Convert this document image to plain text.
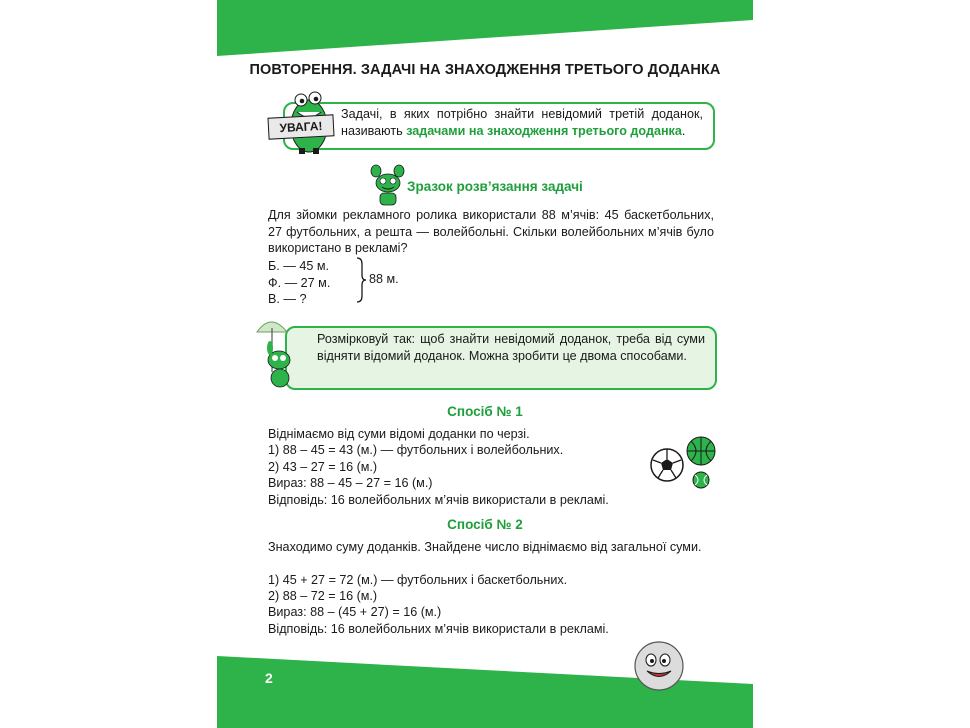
ПОВТОРЕННЯ. ЗАДАЧІ НА ЗНАХОДЖЕННЯ ТРЕТЬОГО ДОДАНКА
УВАГА!
Задачі, в яких потрібно знайти невідомий третій доданок, називають задачами на знаходження третього доданка.
Зразок розв’язання задачі
Для зйомки рекламного ролика використали 88 м’ячів: 45 баскетбольних, 27 футбольних, а решта — волейбольні. Скільки волейбольних м’ячів було використано в рекламі?
Б. — 45 м.
Ф. — 27 м.
В. — ?
88 м.
Розмірковуй так: щоб знайти невідомий доданок, треба від суми відняти відомий доданок. Можна зробити це двома способами.
Спосіб № 1
Віднімаємо від суми відомі доданки по черзі.
1) 88 – 45 = 43 (м.) — футбольних і волейбольних.
2) 43 – 27 = 16 (м.)
Вираз: 88 – 45 – 27 = 16 (м.)
Відповідь: 16 волейбольних м’ячів використали в рекламі.
Спосіб № 2
Знаходимо суму доданків. Знайдене число віднімаємо від загальної суми.
1) 45 + 27 = 72 (м.) — футбольних і баскетбольних.
2) 88 – 72 = 16 (м.)
Вираз: 88 – (45 + 27) = 16 (м.)
Відповідь: 16 волейбольних м’ячів використали в рекламі.
2
